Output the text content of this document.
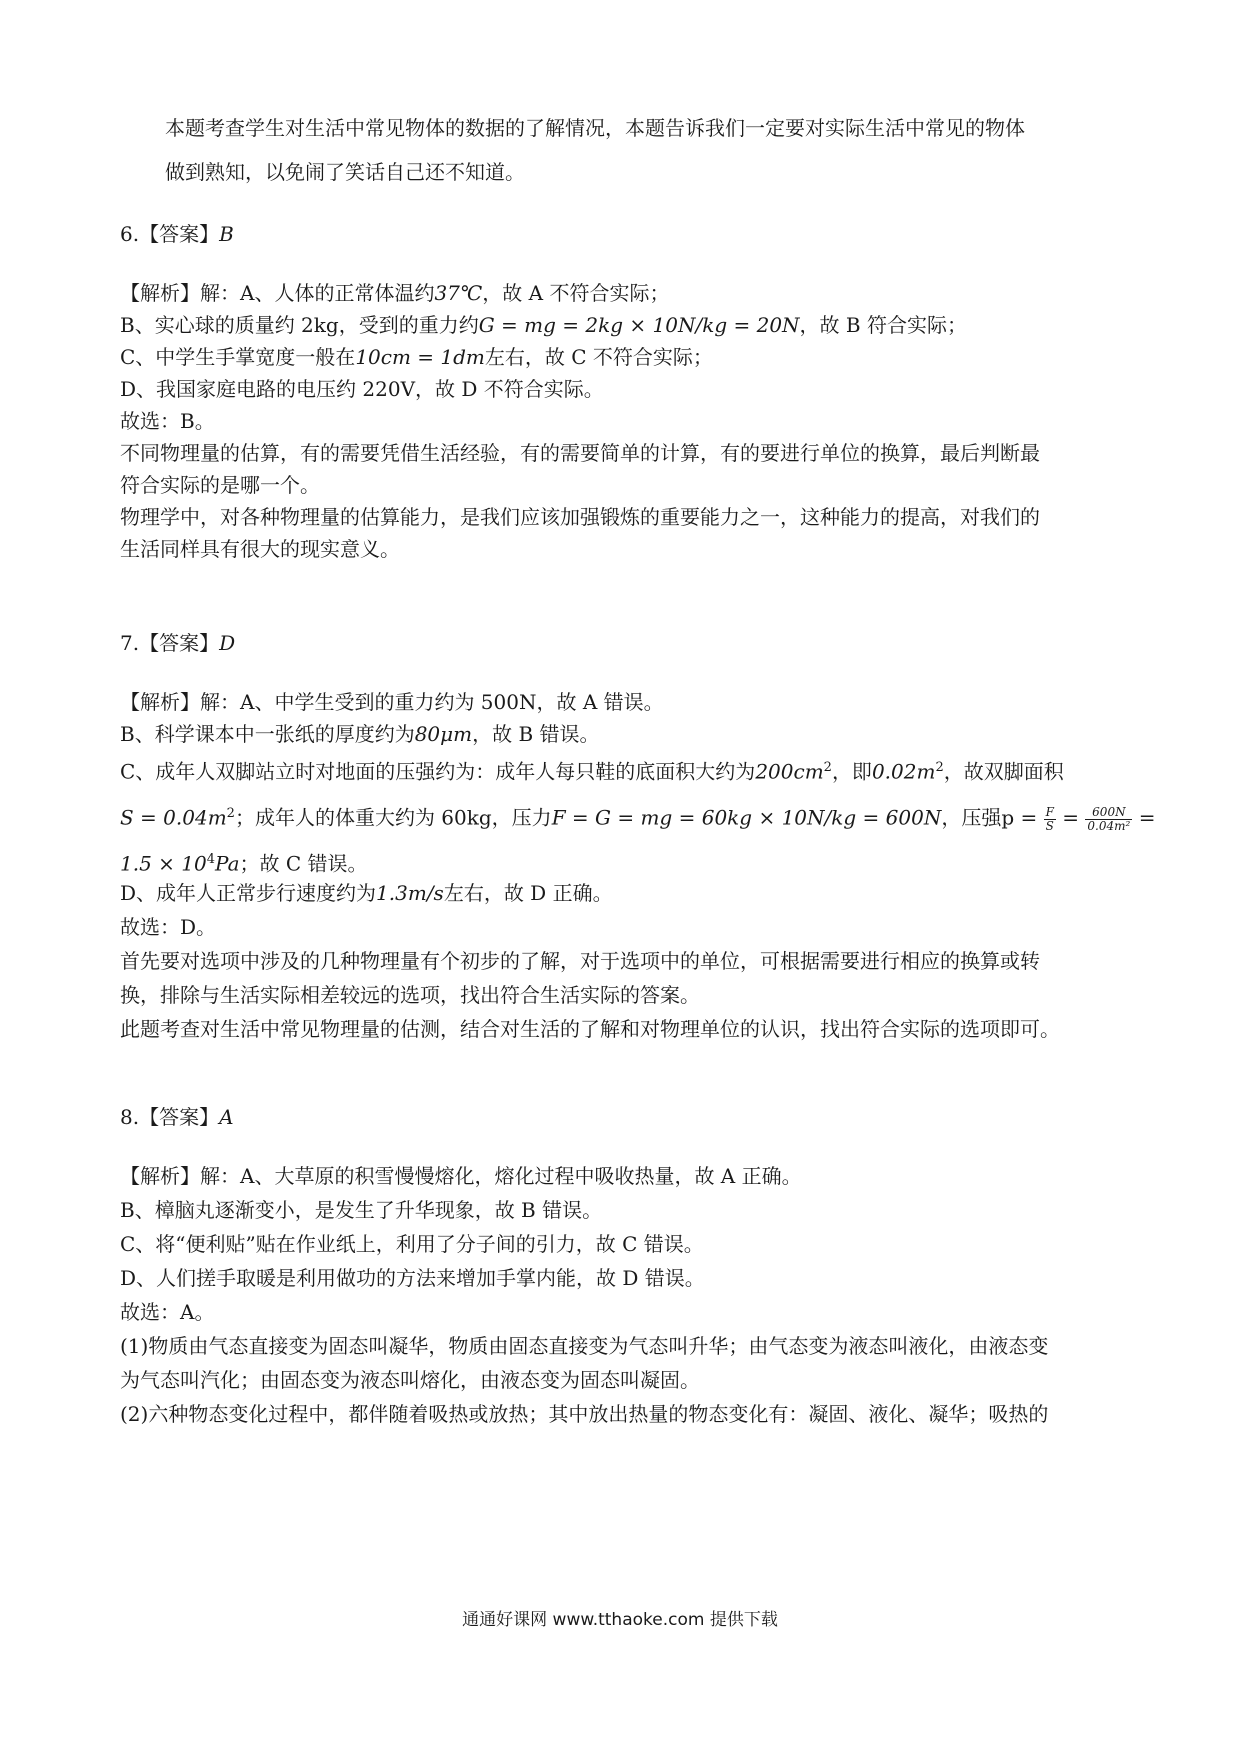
本题考查学生对生活中常见物体的数据的了解情况，本题告诉我们一定要对实际生活中常见的物体
做到熟知，以免闹了笑话自己还不知道。
6.【答案】B
【解析】解：A、人体的正常体温约37℃，故 A 不符合实际；
B、实心球的质量约 2kg，受到的重力约G = mg = 2kg × 10N/kg = 20N，故 B 符合实际；
C、中学生手掌宽度一般在10cm = 1dm左右，故 C 不符合实际；
D、我国家庭电路的电压约 220V，故 D 不符合实际。
故选：B。
不同物理量的估算，有的需要凭借生活经验，有的需要简单的计算，有的要进行单位的换算，最后判断最
符合实际的是哪一个。
物理学中，对各种物理量的估算能力，是我们应该加强锻炼的重要能力之一，这种能力的提高，对我们的
生活同样具有很大的现实意义。
7.【答案】D
【解析】解：A、中学生受到的重力约为 500N，故 A 错误。
B、科学课本中一张纸的厚度约为80μm，故 B 错误。
C、成年人双脚站立时对地面的压强约为：成年人每只鞋的底面积大约为$200cm^2$，即$0.02m^2$，故双脚面积
$S = 0.04m^2$；成年人的体重大约为 60kg，压力F = G = mg = 60kg × 10N/kg = 600N，压强$p = \frac{F}{S} = \frac{600N}{\text{0.04m²}}$ =
$1.5 \times 10^4Pa$；故 C 错误。
D、成年人正常步行速度约为1.3m/s左右，故 D 正确。
故选：D。
首先要对选项中涉及的几种物理量有个初步的了解，对于选项中的单位，可根据需要进行相应的换算或转
换，排除与生活实际相差较远的选项，找出符合生活实际的答案。
此题考查对生活中常见物理量的估测，结合对生活的了解和对物理单位的认识，找出符合实际的选项即可。
8.【答案】A
【解析】解：A、大草原的积雪慢慢熔化，熔化过程中吸收热量，故 A 正确。
B、樟脑丸逐渐变小，是发生了升华现象，故 B 错误。
C、将“便利贴”贴在作业纸上，利用了分子间的引力，故 C 错误。
D、人们搓手取暖是利用做功的方法来增加手掌内能，故 D 错误。
故选：A。
(1)物质由气态直接变为固态叫凝华，物质由固态直接变为气态叫升华；由气态变为液态叫液化，由液态变
为气态叫汽化；由固态变为液态叫熔化，由液态变为固态叫凝固。
(2)六种物态变化过程中，都伴随着吸热或放热；其中放出热量的物态变化有：凝固、液化、凝华；吸热的
通通好课网 www.tthaoke.com 提供下载
